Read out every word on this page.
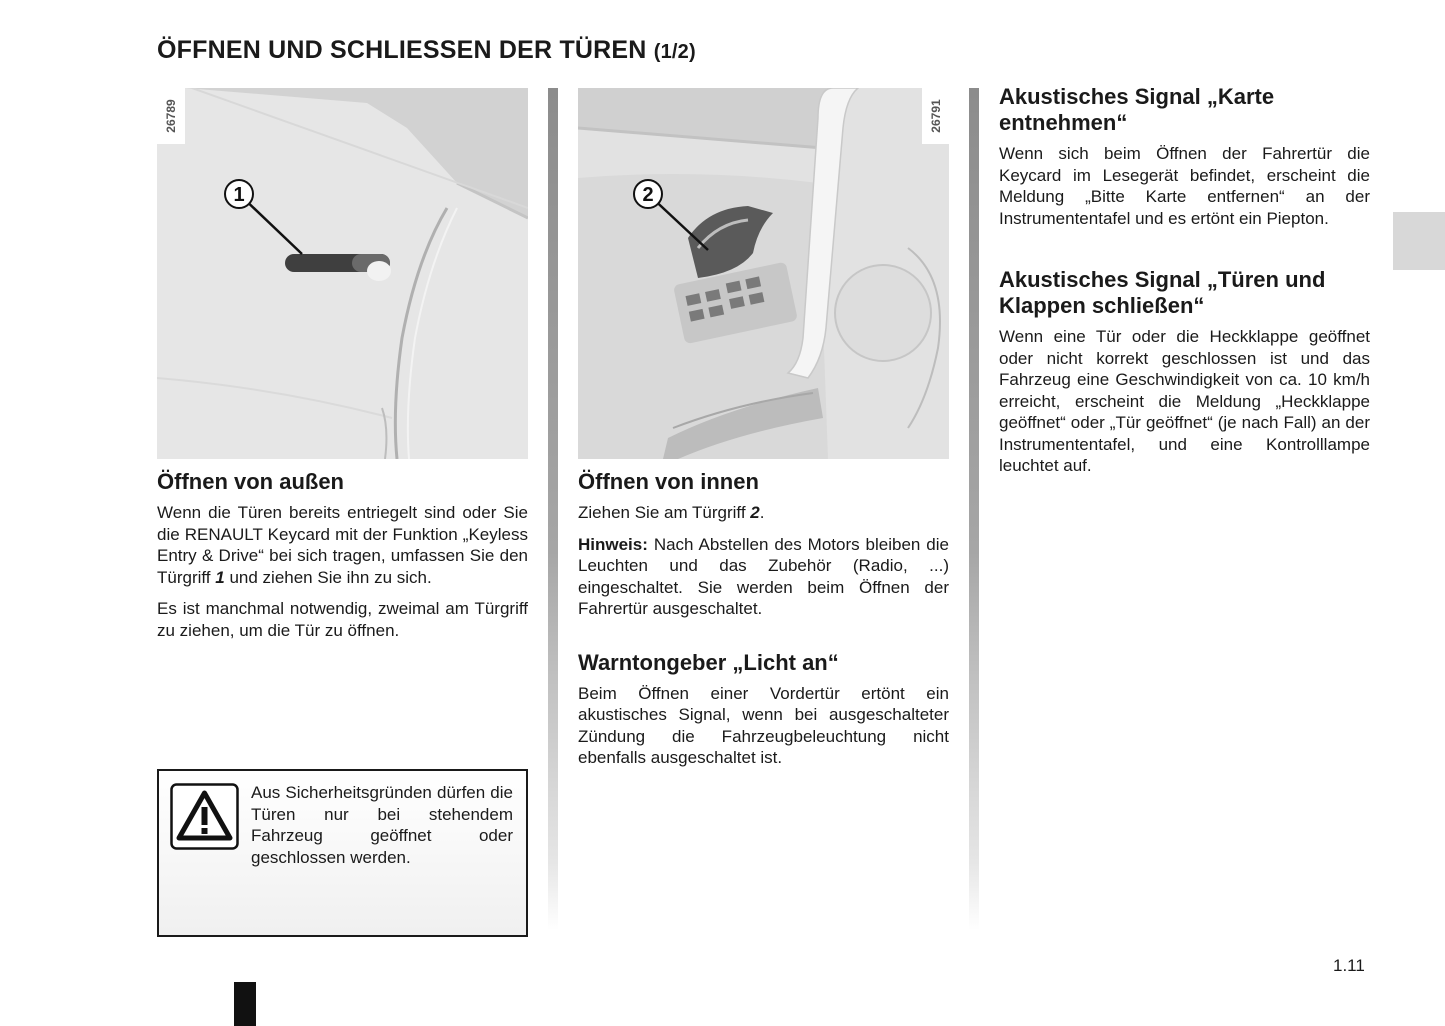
ÖFFNEN UND SCHLIESSEN DER TÜREN (1/2)
1
26789
Öffnen von außen

Wenn die Türen bereits entriegelt sind oder Sie die RENAULT Keycard mit der Funktion „Keyless Entry & Drive“ bei sich tragen, umfassen Sie den Türgriff 1 und ziehen Sie ihn zu sich.

Es ist manchmal notwendig, zweimal am Türgriff zu ziehen, um die Tür zu öffnen.

Aus Sicherheitsgründen dürfen die Türen nur bei stehendem Fahrzeug geöffnet oder geschlossen werden.
2
26791
Öffnen von innen

Ziehen Sie am Türgriff 2.

Hinweis: Nach Abstellen des Motors bleiben die Leuchten und das Zubehör (Radio, ...) eingeschaltet. Sie werden beim Öffnen der Fahrertür ausgeschaltet.

Warntongeber „Licht an“

Beim Öffnen einer Vordertür ertönt ein akustisches Signal, wenn bei ausgeschalteter Zündung die Fahrzeugbeleuchtung nicht ebenfalls ausgeschaltet ist.

Akustisches Signal „Karte entnehmen“

Wenn sich beim Öffnen der Fahrertür die Keycard im Lesegerät befindet, erscheint die Meldung „Bitte Karte entfernen“ an der Instrumententafel und es ertönt ein Piepton.

Akustisches Signal „Türen und Klappen schließen“

Wenn eine Tür oder die Heckklappe geöffnet oder nicht korrekt geschlossen ist und das Fahrzeug eine Geschwindigkeit von ca. 10 km/h erreicht, erscheint die Meldung „Heckklappe geöffnet“ oder „Tür geöffnet“ (je nach Fall) an der Instrumententafel, und eine Kontrolllampe leuchtet auf.

1.11
